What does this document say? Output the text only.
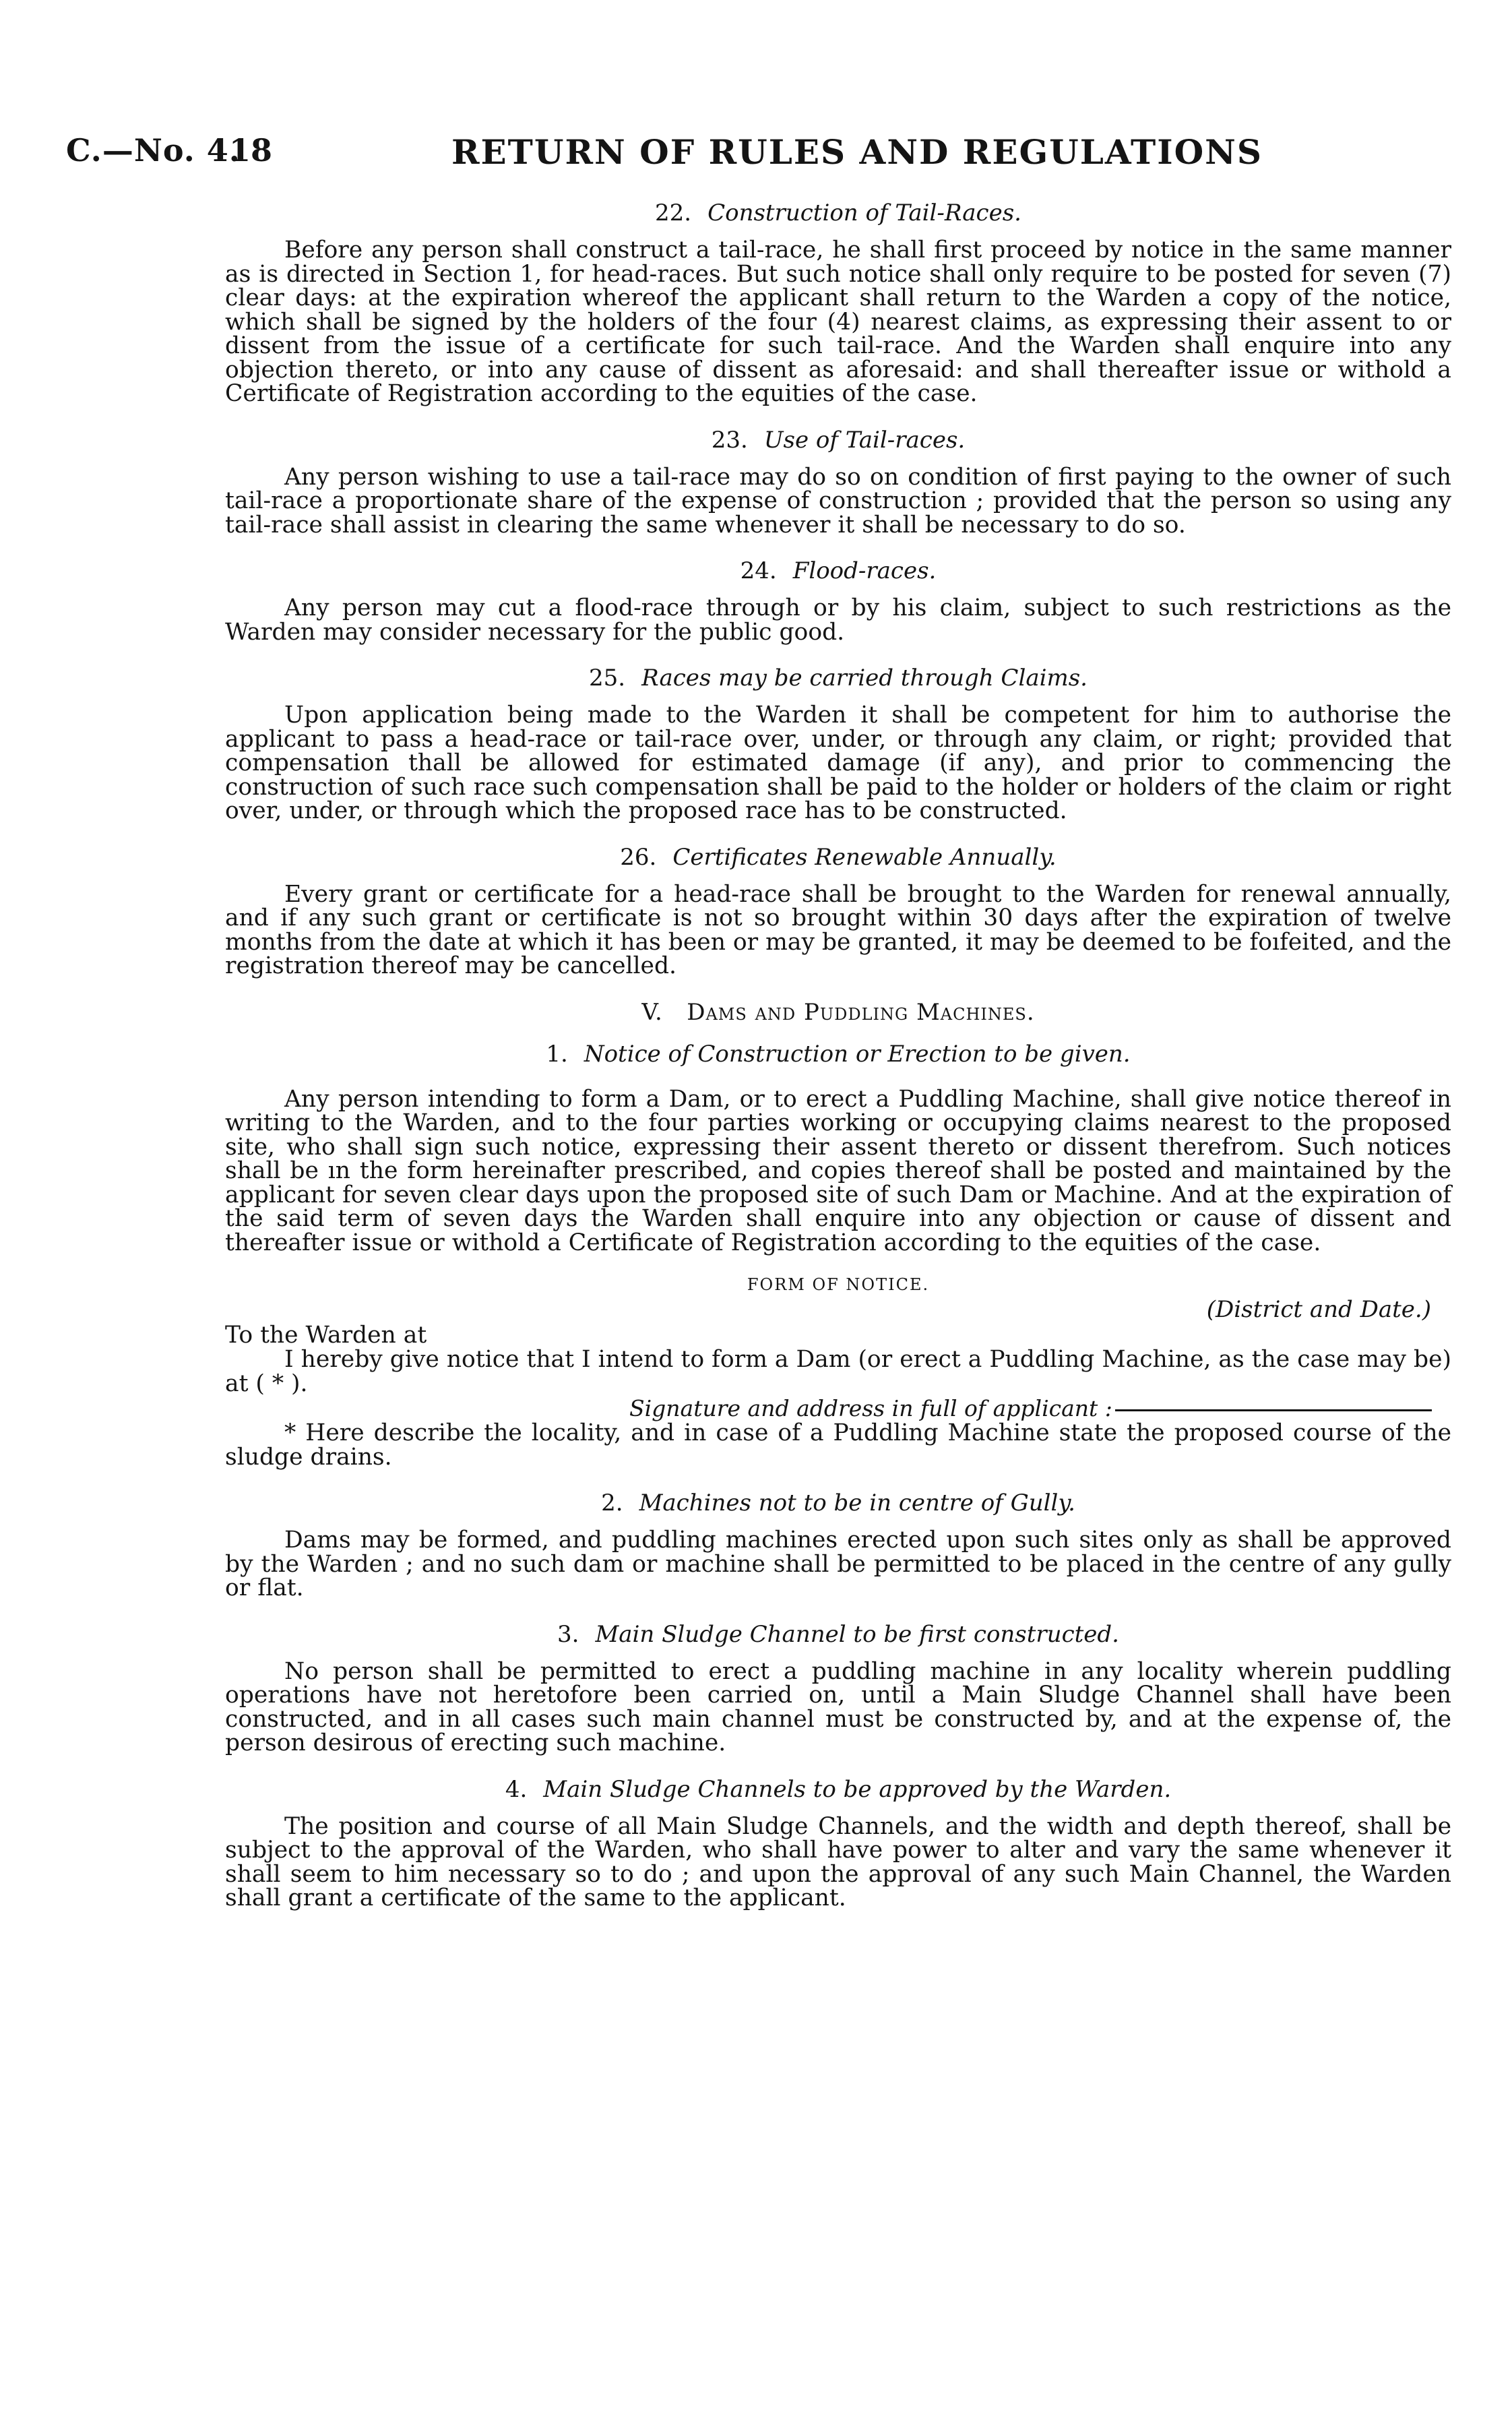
C.—No. 4.
18	RETURN OF RULES AND REGULATIONS
22. Construction of Tail-Races.

Before any person shall construct a tail-race, he shall first proceed by notice in the same manner as is directed in Section 1, for head-races. But such notice shall only require to be posted for seven (7) clear days: at the expiration whereof the applicant shall return to the Warden a copy of the notice, which shall be signed by the holders of the four (4) nearest claims, as expressing their assent to or dissent from the issue of a certificate for such tail-race. And the Warden shall enquire into any objection thereto, or into any cause of dissent as aforesaid: and shall thereafter issue or withold a Certificate of Registration according to the equities of the case.

23. Use of Tail-races.

Any person wishing to use a tail-race may do so on condition of first paying to the owner of such tail-race a proportionate share of the expense of construction ; provided that the person so using any tail-race shall assist in clearing the same whenever it shall be necessary to do so.

24. Flood-races.

Any person may cut a flood-race through or by his claim, subject to such restrictions as the Warden may consider necessary for the public good.

25. Races may be carried through Claims.

Upon application being made to the Warden it shall be competent for him to authorise the applicant to pass a head-race or tail-race over, under, or through any claim, or right; provided that compensation thall be allowed for estimated damage (if any), and prior to commencing the construction of such race such compensation shall be paid to the holder or holders of the claim or right over, under, or through which the proposed race has to be constructed.

26. Certificates Renewable Annually.

Every grant or certificate for a head-race shall be brought to the Warden for renewal annually, and if any such grant or certificate is not so brought within 30 days after the expiration of twelve months from the date at which it has been or may be granted, it may be deemed to be foıfeited, and the registration thereof may be cancelled.

V. Dams and Puddling Machines.
1. Notice of Construction or Erection to be given.

Any person intending to form a Dam, or to erect a Puddling Machine, shall give notice thereof in writing to the Warden, and to the four parties working or occupying claims nearest to the proposed site, who shall sign such notice, expressing their assent thereto or dissent therefrom. Such notices shall be ın the form hereinafter prescribed, and copies thereof shall be posted and maintained by the applicant for seven clear days upon the proposed site of such Dam or Machine. And at the expiration of the said term of seven days the Warden shall enquire into any objection or cause of dissent and thereafter issue or withold a Certificate of Registration according to the equities of the case.

FORM OF NOTICE.

(District and Date.)

To the Warden at

I hereby give notice that I intend to form a Dam (or erect a Puddling Machine, as the case may be) at ( * ).

Signature and address in full of applicant :

* Here describe the locality, and in case of a Puddling Machine state the proposed course of the sludge drains.

2. Machines not to be in centre of Gully.

Dams may be formed, and puddling machines erected upon such sites only as shall be approved by the Warden ; and no such dam or machine shall be permitted to be placed in the centre of any gully or flat.

3. Main Sludge Channel to be first constructed.

No person shall be permitted to erect a puddling machine in any locality wherein puddling operations have not heretofore been carried on, until a Main Sludge Channel shall have been constructed, and in all cases such main channel must be constructed by, and at the expense of, the person desirous of erecting such machine.

4. Main Sludge Channels to be approved by the Warden.

The position and course of all Main Sludge Channels, and the width and depth thereof, shall be subject to the approval of the Warden, who shall have power to alter and vary the same whenever it shall seem to him necessary so to do ; and upon the approval of any such Main Channel, the Warden shall grant a certificate of the same to the applicant.
